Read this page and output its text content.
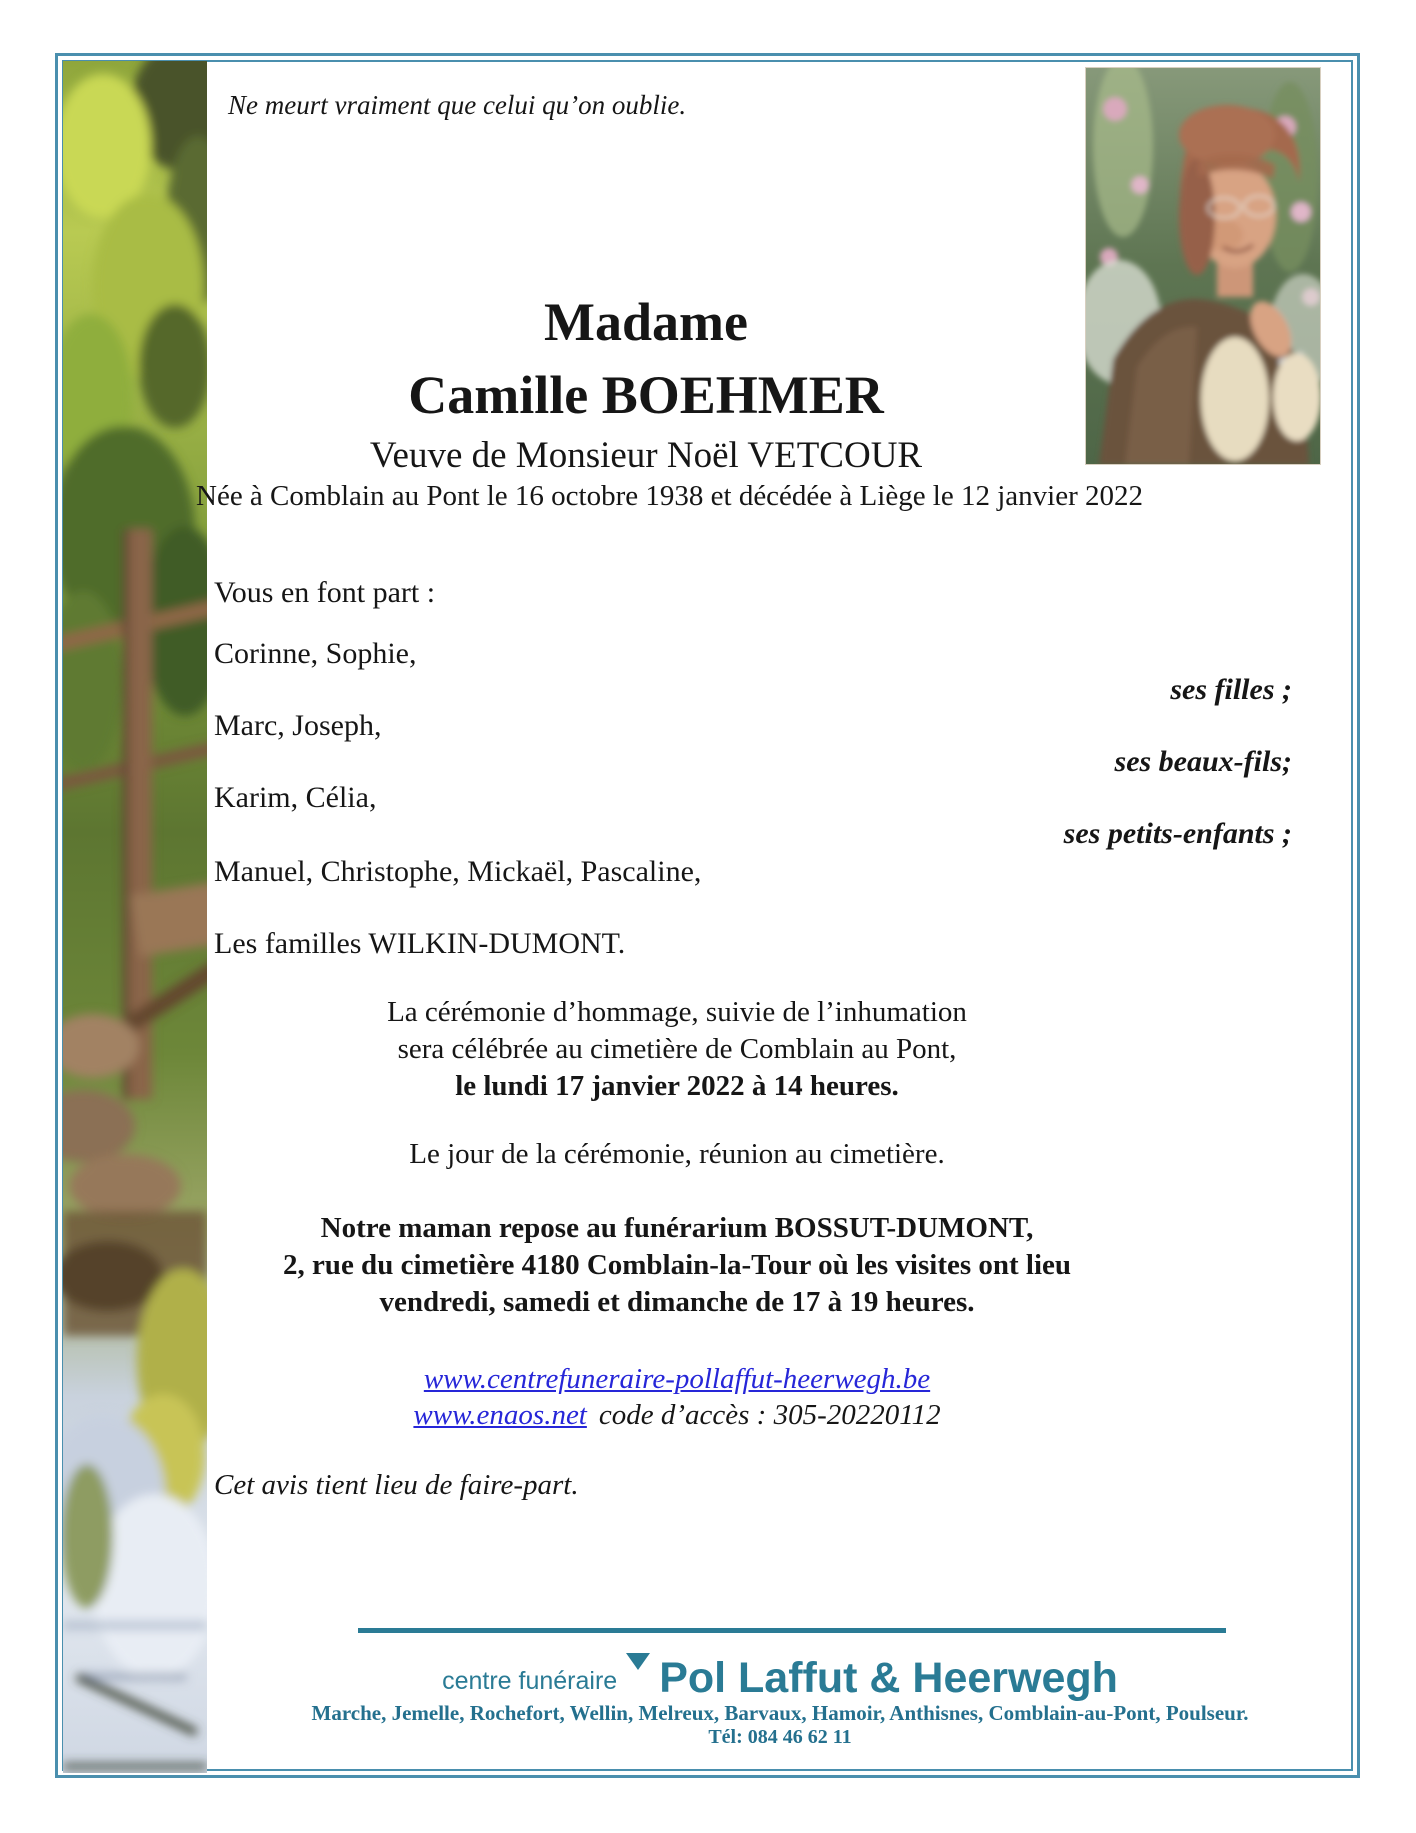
Ne meurt vraiment que celui qu’on oublie.
Madame
Camille BOEHMER
Veuve de Monsieur Noël VETCOUR
Née à Comblain au Pont le 16 octobre 1938 et décédée à Liège le 12 janvier 2022
Vous en font part :
Corinne, Sophie,
ses filles ;
Marc, Joseph,
ses beaux-fils;
Karim, Célia,
ses petits-enfants ;
Manuel, Christophe, Mickaël, Pascaline,
Les familles WILKIN-DUMONT.
La cérémonie d’hommage, suivie de l’inhumation
sera célébrée au cimetière de Comblain au Pont,
le lundi 17 janvier 2022 à 14 heures.
Le jour de la cérémonie, réunion au cimetière.
Notre maman repose au funérarium BOSSUT-DUMONT,
2, rue du cimetière 4180 Comblain-la-Tour où les visites ont lieu
vendredi, samedi et dimanche de 17 à 19 heures.
www.centrefuneraire-pollaffut-heerwegh.be
www.enaos.net code d’accès : 305-20220112
Cet avis tient lieu de faire-part.
centre funéraire Pol Laffut & Heerwegh
Marche, Jemelle, Rochefort, Wellin, Melreux, Barvaux, Hamoir, Anthisnes, Comblain-au-Pont, Poulseur.
Tél: 084 46 62 11
